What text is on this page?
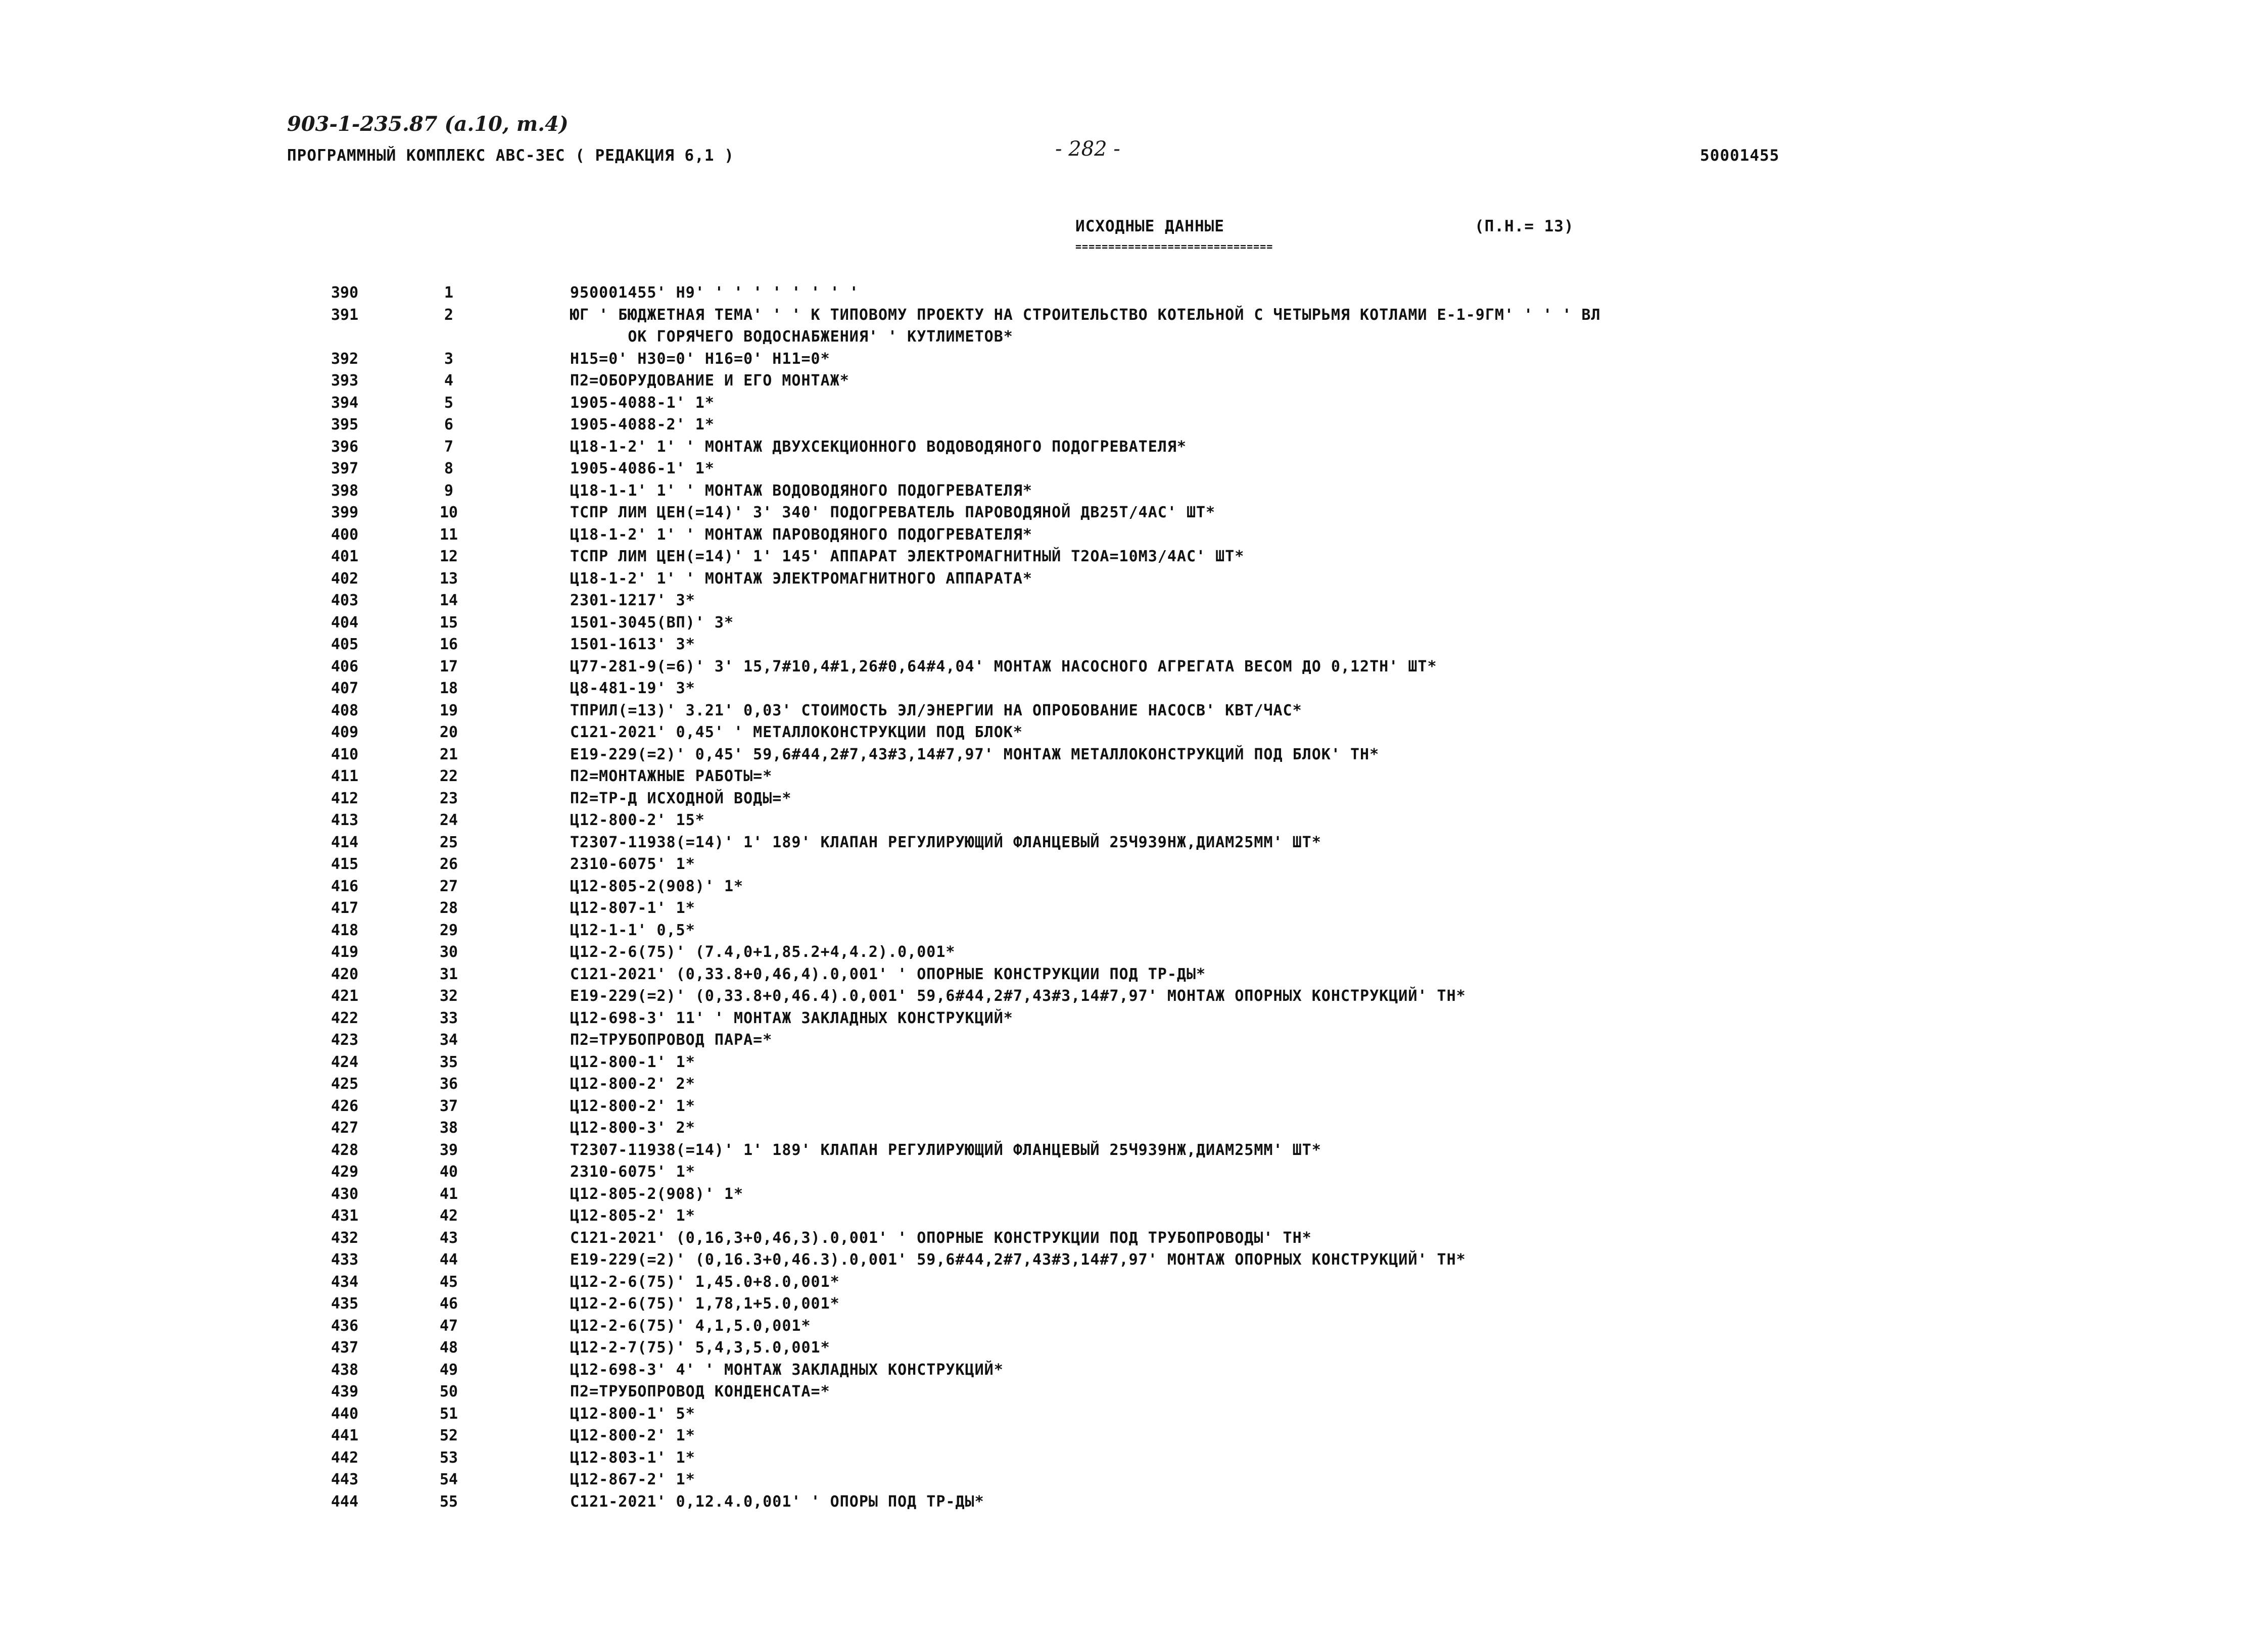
903-1-235.87 (a.10, т.4)
ПРОГРАММНЫЙ КОМПЛЕКС АВС-ЗЕС ( РЕДАКЦИЯ 6,1 )	- 282 -	50001455
ИСХОДНЫЕ ДАННЫЕ	(П.Н.= 13)
==============================
390	1	950001455' Н9' ' ' ' ' ' ' ' '
391	2	ЮГ ' БЮДЖЕТНАЯ ТЕМА' ' ' К ТИПОВОМУ ПРОЕКТУ НА СТРОИТЕЛЬСТВО КОТЕЛЬНОЙ С ЧЕТЫРЬМЯ КОТЛАМИ Е-1-9ГМ' ' ' ' ВЛ
ОК ГОРЯЧЕГО ВОДОСНАБЖЕНИЯ' ' КУТЛИМЕТОВ*
392	3	Н15=0' Н30=0' Н16=0' Н11=0*
393	4	П2=ОБОРУДОВАНИЕ И ЕГО МОНТАЖ*
394	5	1905-4088-1' 1*
395	6	1905-4088-2' 1*
396	7	Ц18-1-2' 1' ' МОНТАЖ ДВУХСЕКЦИОННОГО ВОДОВОДЯНОГО ПОДОГРЕВАТЕЛЯ*
397	8	1905-4086-1' 1*
398	9	Ц18-1-1' 1' ' МОНТАЖ ВОДОВОДЯНОГО ПОДОГРЕВАТЕЛЯ*
399	10	ТСПР ЛИМ ЦЕН(=14)' 3' 340' ПОДОГРЕВАТЕЛЬ ПАРОВОДЯНОЙ ДВ25Т/4АС' ШТ*
400	11	Ц18-1-2' 1' ' МОНТАЖ ПАРОВОДЯНОГО ПОДОГРЕВАТЕЛЯ*
401	12	ТСПР ЛИМ ЦЕН(=14)' 1' 145' АППАРАТ ЭЛЕКТРОМАГНИТНЫЙ Т2ОА=10М3/4АС' ШТ*
402	13	Ц18-1-2' 1' ' МОНТАЖ ЭЛЕКТРОМАГНИТНОГО АППАРАТА*
403	14	2301-1217' 3*
404	15	1501-3045(ВП)' 3*
405	16	1501-1613' 3*
406	17	Ц77-281-9(=6)' 3' 15,7#10,4#1,26#0,64#4,04' МОНТАЖ НАСОСНОГО АГРЕГАТА ВЕСОМ ДО 0,12ТН' ШТ*
407	18	Ц8-481-19' 3*
408	19	ТПРИЛ(=13)' 3.21' 0,03' СТОИМОСТЬ ЭЛ/ЭНЕРГИИ НА ОПРОБОВАНИЕ НАСОСВ' КВТ/ЧАС*
409	20	С121-2021' 0,45' ' МЕТАЛЛОКОНСТРУКЦИИ ПОД БЛОК*
410	21	Е19-229(=2)' 0,45' 59,6#44,2#7,43#3,14#7,97' МОНТАЖ МЕТАЛЛОКОНСТРУКЦИЙ ПОД БЛОК' ТН*
411	22	П2=МОНТАЖНЫЕ РАБОТЫ=*
412	23	П2=ТР-Д ИСХОДНОЙ ВОДЫ=*
413	24	Ц12-800-2' 15*
414	25	Т2307-11938(=14)' 1' 189' КЛАПАН РЕГУЛИРУЮЩИЙ ФЛАНЦЕВЫЙ 25Ч939НЖ,ДИАМ25ММ' ШТ*
415	26	2310-6075' 1*
416	27	Ц12-805-2(908)' 1*
417	28	Ц12-807-1' 1*
418	29	Ц12-1-1' 0,5*
419	30	Ц12-2-6(75)' (7.4,0+1,85.2+4,4.2).0,001*
420	31	С121-2021' (0,33.8+0,46,4).0,001' ' ОПОРНЫЕ КОНСТРУКЦИИ ПОД ТР-ДЫ*
421	32	Е19-229(=2)' (0,33.8+0,46.4).0,001' 59,6#44,2#7,43#3,14#7,97' МОНТАЖ ОПОРНЫХ КОНСТРУКЦИЙ' ТН*
422	33	Ц12-698-3' 11' ' МОНТАЖ ЗАКЛАДНЫХ КОНСТРУКЦИЙ*
423	34	П2=ТРУБОПРОВОД ПАРА=*
424	35	Ц12-800-1' 1*
425	36	Ц12-800-2' 2*
426	37	Ц12-800-2' 1*
427	38	Ц12-800-3' 2*
428	39	Т2307-11938(=14)' 1' 189' КЛАПАН РЕГУЛИРУЮЩИЙ ФЛАНЦЕВЫЙ 25Ч939НЖ,ДИАМ25ММ' ШТ*
429	40	2310-6075' 1*
430	41	Ц12-805-2(908)' 1*
431	42	Ц12-805-2' 1*
432	43	С121-2021' (0,16,3+0,46,3).0,001' ' ОПОРНЫЕ КОНСТРУКЦИИ ПОД ТРУБОПРОВОДЫ' ТН*
433	44	Е19-229(=2)' (0,16.3+0,46.3).0,001' 59,6#44,2#7,43#3,14#7,97' МОНТАЖ ОПОРНЫХ КОНСТРУКЦИЙ' ТН*
434	45	Ц12-2-6(75)' 1,45.0+8.0,001*
435	46	Ц12-2-6(75)' 1,78,1+5.0,001*
436	47	Ц12-2-6(75)' 4,1,5.0,001*
437	48	Ц12-2-7(75)' 5,4,3,5.0,001*
438	49	Ц12-698-3' 4' ' МОНТАЖ ЗАКЛАДНЫХ КОНСТРУКЦИЙ*
439	50	П2=ТРУБОПРОВОД КОНДЕНСАТА=*
440	51	Ц12-800-1' 5*
441	52	Ц12-800-2' 1*
442	53	Ц12-803-1' 1*
443	54	Ц12-867-2' 1*
444	55	С121-2021' 0,12.4.0,001' ' ОПОРЫ ПОД ТР-ДЫ*
